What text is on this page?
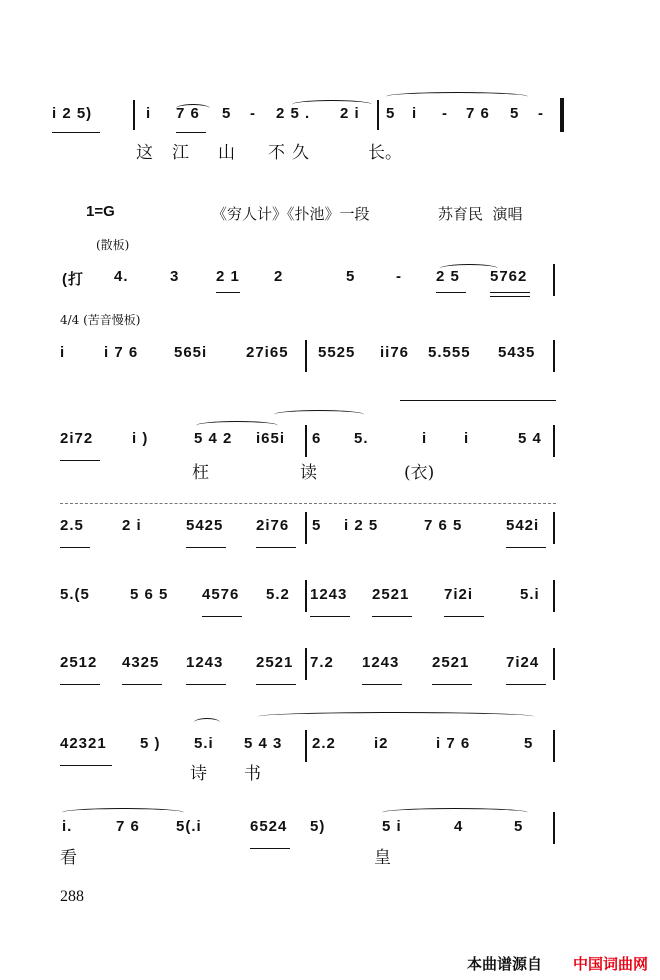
1=G	《穷人计》《扑池》一段	苏育民  演唱
(散板)
4/4 (苦音慢板)
i 2 5)	i 7 6 5 - 2 5 . 2 i 5 i - 7 6 5 -
(打 4.	3 2 1 2	5	- 2 5 5762
i	i 7 6 565i	27i65 5525 ii76 5.555 5435
2i72	i )	5 4 2 i65i 6 5.	i i	5 4
2.5	2 i	5425 2i76 5 i 2 5	7 6 5	542i
5.(5	5 6 5 4576 5.2 1243 2521 7i2i	5.i
2512 4325 1243 2521 7.2 1243 2521 7i24
42321 5 ) 5.i 5 4 3 2.2	i2	i 7 6	5
i.	7 6 5(.i	6524 5)	5 i	4	5
这 江 山 不 久	长。
枉	读	(衣)
诗 书
看	皇
288
本曲谱源自 中国词曲网
